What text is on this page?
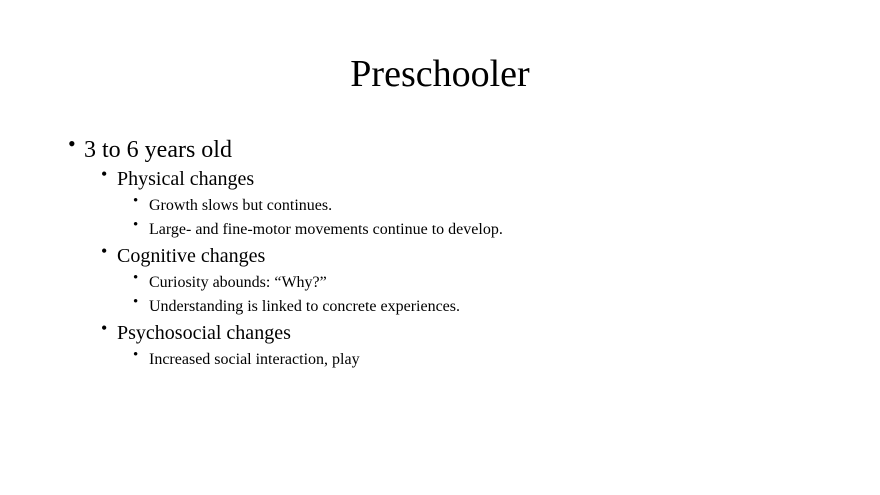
Preschooler
• 3 to 6 years old
• Physical changes
• Growth slows but continues.
• Large- and fine-motor movements continue to develop.
• Cognitive changes
• Curiosity abounds: “Why?”
• Understanding is linked to concrete experiences.
• Psychosocial changes
• Increased social interaction, play
